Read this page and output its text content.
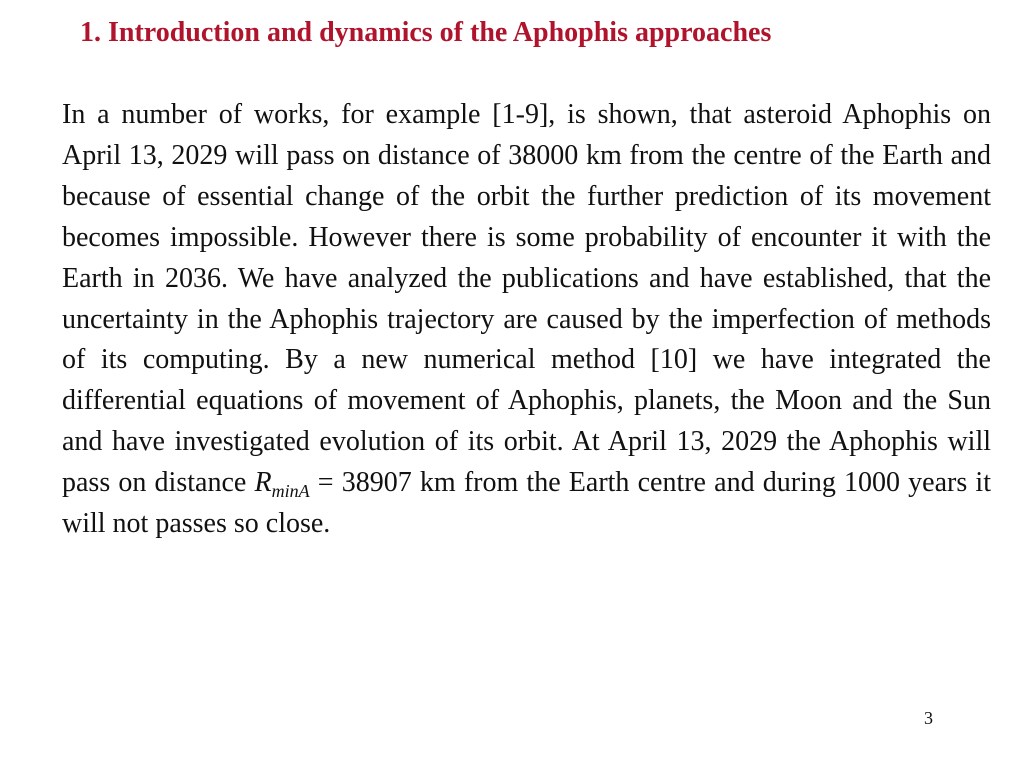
1. Introduction and dynamics of the Aphophis approaches

In a number of works, for example [1-9], is shown, that asteroid Aphophis on April 13, 2029 will pass on distance of 38000 km from the centre of the Earth and because of essential change of the orbit the further prediction of its movement becomes impossible. However there is some probability of encounter it with the Earth in 2036. We have analyzed the publications and have established, that the uncertainty in the Aphophis trajectory are caused by the imperfection of methods of its computing. By a new numerical method [10] we have integrated the differential equations of movement of Aphophis, planets, the Moon and the Sun and have investigated evolution of its orbit. At April 13, 2029 the Aphophis will pass on distance $R_{minA} = 38907$ km from the Earth centre and during 1000 years it will not passes so close.

3
